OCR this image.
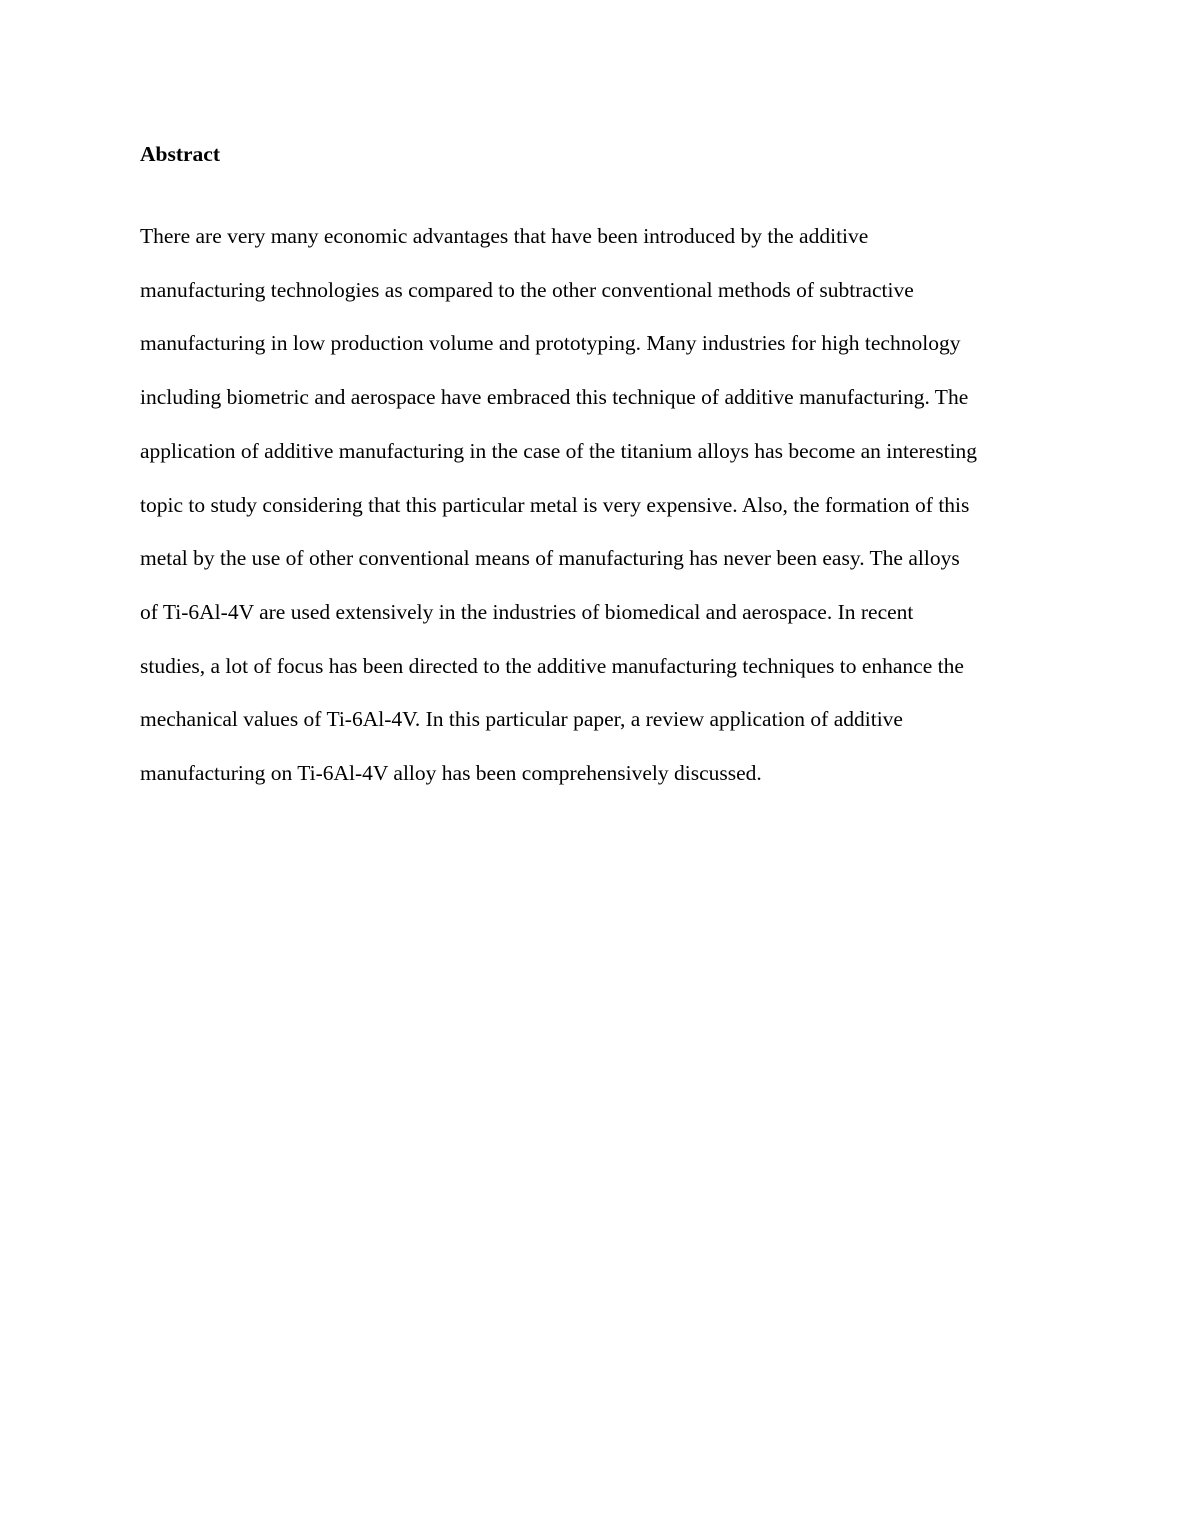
Abstract
There are very many economic advantages that have been introduced by the additive
manufacturing technologies as compared to the other conventional methods of subtractive
manufacturing in low production volume and prototyping. Many industries for high technology
including biometric and aerospace have embraced this technique of additive manufacturing. The
application of additive manufacturing in the case of the titanium alloys has become an interesting
topic to study considering that this particular metal is very expensive. Also, the formation of this
metal by the use of other conventional means of manufacturing has never been easy. The alloys
of Ti-6Al-4V are used extensively in the industries of biomedical and aerospace. In recent
studies, a lot of focus has been directed to the additive manufacturing techniques to enhance the
mechanical values of Ti-6Al-4V. In this particular paper, a review application of additive
manufacturing on Ti-6Al-4V alloy has been comprehensively discussed.
